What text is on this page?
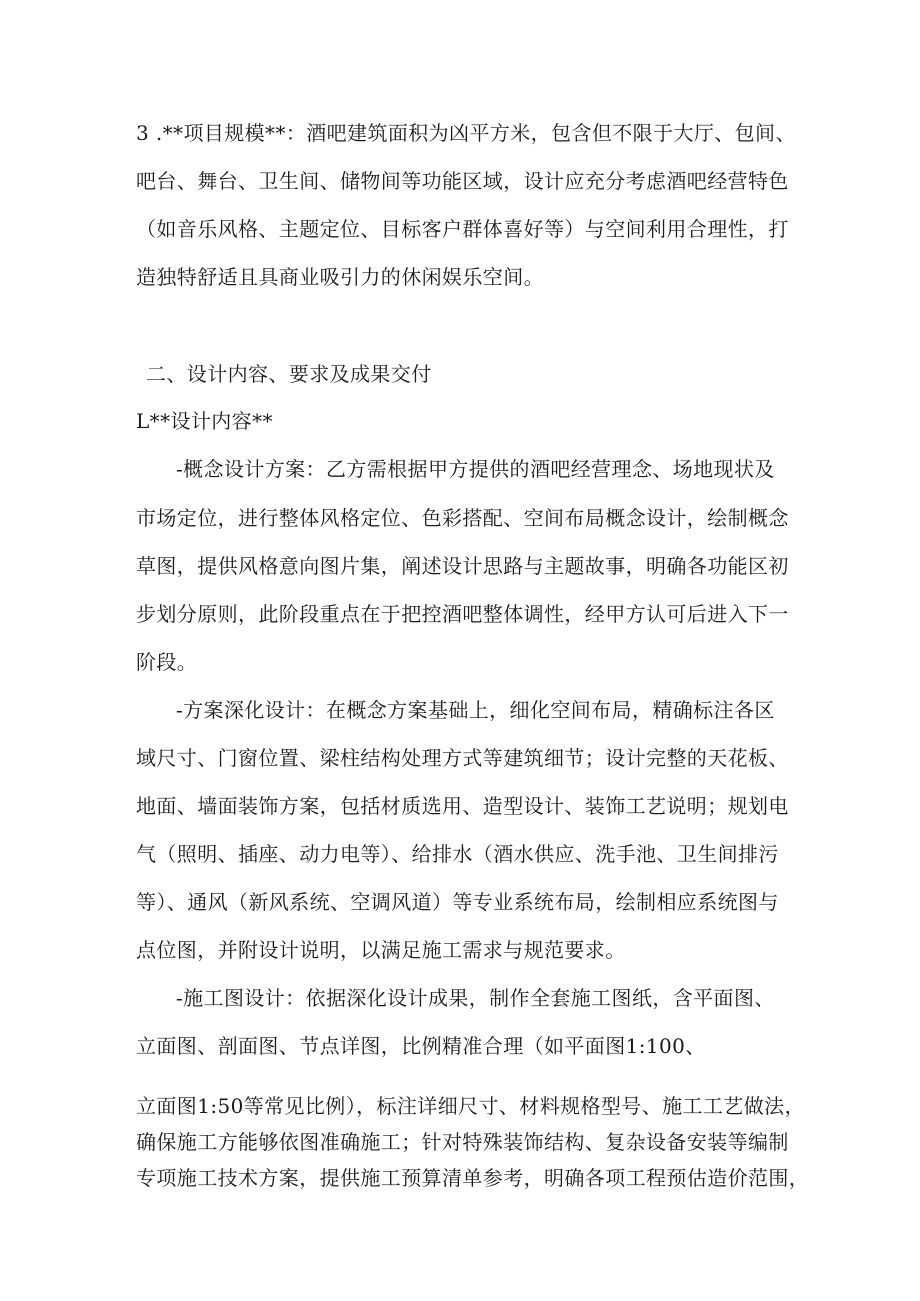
3 .**项目规模**：酒吧建筑面积为凶平方米，包含但不限于大厅、包间、
吧台、舞台、卫生间、储物间等功能区域，设计应充分考虑酒吧经营特色
（如音乐风格、主题定位、目标客户群体喜好等）与空间利用合理性，打
造独特舒适且具商业吸引力的休闲娱乐空间。
二、设计内容、要求及成果交付
L**设计内容**
-概念设计方案：乙方需根据甲方提供的酒吧经营理念、场地现状及
市场定位，进行整体风格定位、色彩搭配、空间布局概念设计，绘制概念
草图，提供风格意向图片集，阐述设计思路与主题故事，明确各功能区初
步划分原则，此阶段重点在于把控酒吧整体调性，经甲方认可后进入下一
阶段。
-方案深化设计：在概念方案基础上，细化空间布局，精确标注各区
域尺寸、门窗位置、梁柱结构处理方式等建筑细节；设计完整的天花板、
地面、墙面装饰方案，包括材质选用、造型设计、装饰工艺说明；规划电
气（照明、插座、动力电等）、给排水（酒水供应、洗手池、卫生间排污
等）、通风（新风系统、空调风道）等专业系统布局，绘制相应系统图与
点位图，并附设计说明，以满足施工需求与规范要求。
-施工图设计：依据深化设计成果，制作全套施工图纸，含平面图、
立面图、剖面图、节点详图，比例精准合理（如平面图1:100、
立面图1:50等常见比例），标注详细尺寸、材料规格型号、施工工艺做法，
确保施工方能够依图准确施工；针对特殊装饰结构、复杂设备安装等编制
专项施工技术方案，提供施工预算清单参考，明确各项工程预估造价范围，
